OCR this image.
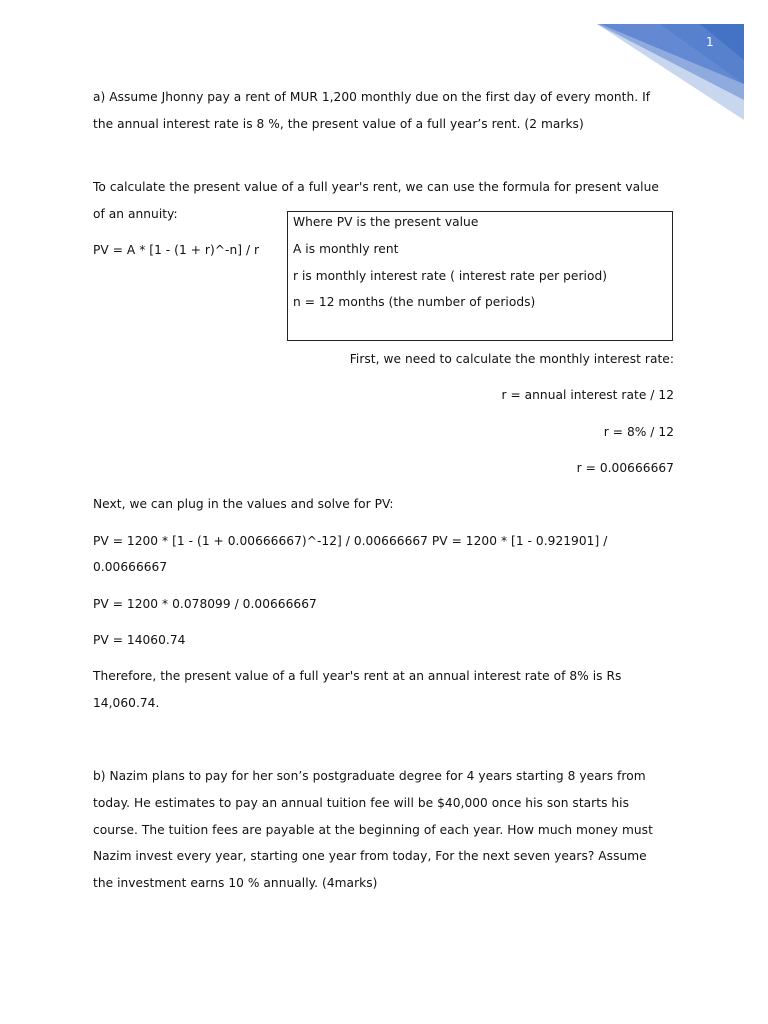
1
a) Assume Jhonny pay a rent of MUR 1,200 monthly due on the first day of every month. If
the annual interest rate is 8 %, the present value of a full year’s rent. (2 marks)
To calculate the present value of a full year's rent, we can use the formula for present value
of an annuity:
PV = A * [1 - (1 + r)^-n] / r
Where PV is the present value
A is monthly rent
r is monthly interest rate ( interest rate per period)
n = 12 months (the number of periods)
First, we need to calculate the monthly interest rate:
r = annual interest rate / 12
r = 8% / 12
r = 0.00666667
Next, we can plug in the values and solve for PV:
PV = 1200 * [1 - (1 + 0.00666667)^-12] / 0.00666667 PV = 1200 * [1 - 0.921901] /
0.00666667
PV = 1200 * 0.078099 / 0.00666667
PV = 14060.74
Therefore, the present value of a full year's rent at an annual interest rate of 8% is Rs
14,060.74.
b) Nazim plans to pay for her son’s postgraduate degree for 4 years starting 8 years from
today. He estimates to pay an annual tuition fee will be $40,000 once his son starts his
course. The tuition fees are payable at the beginning of each year. How much money must
Nazim invest every year, starting one year from today, For the next seven years? Assume
the investment earns 10 % annually. (4marks)
